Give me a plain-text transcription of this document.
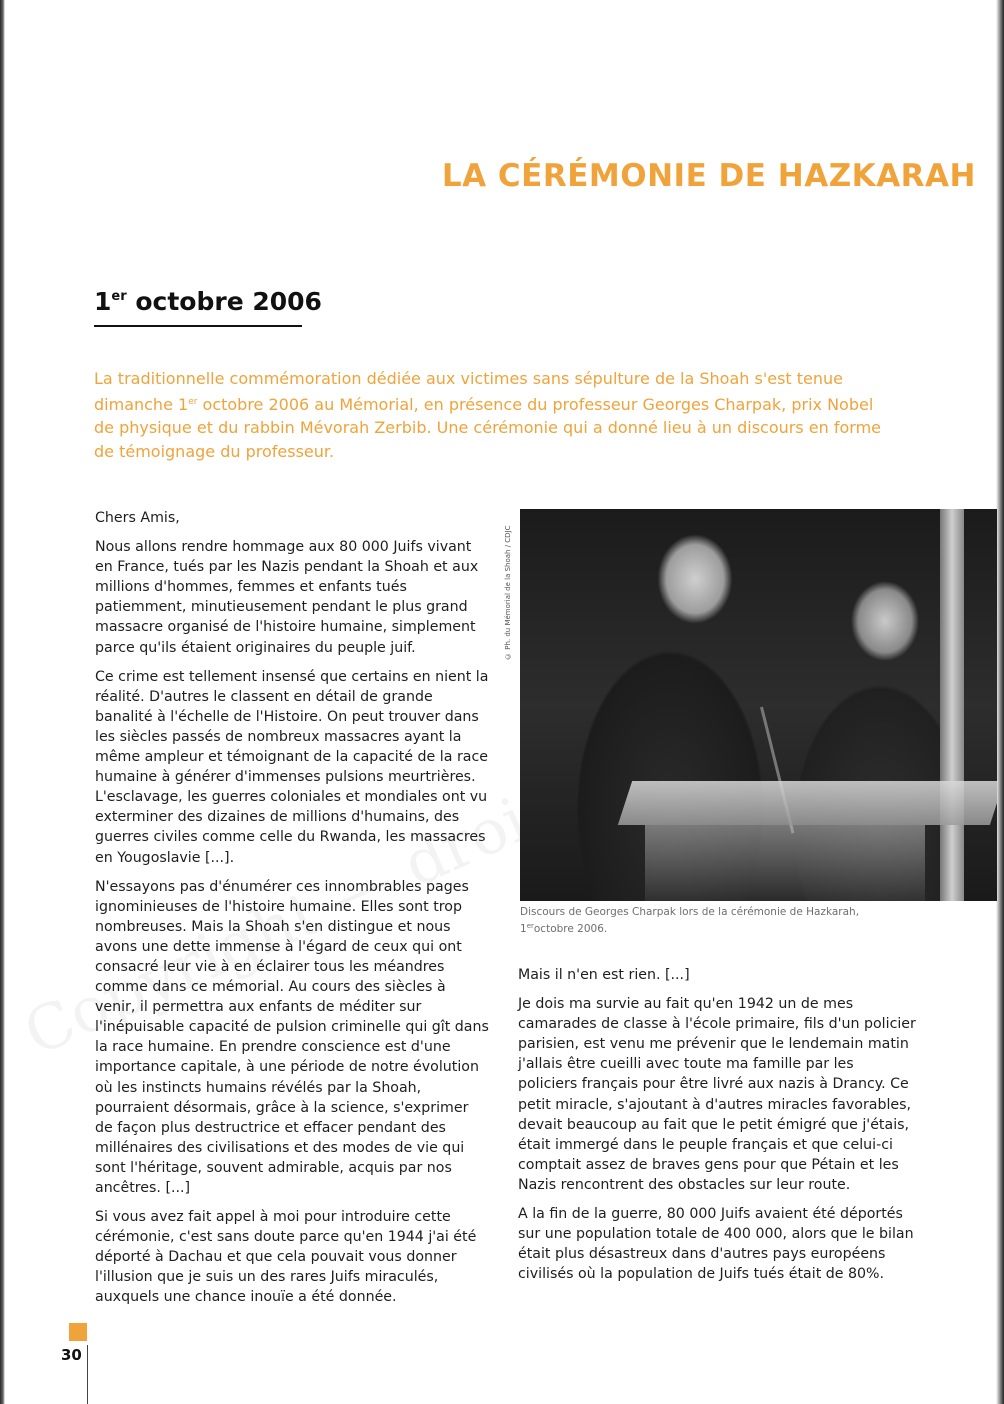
LA CÉRÉMONIE DE HAZKARAH
1er octobre 2006

La traditionnelle commémoration dédiée aux victimes sans sépulture de la Shoah s'est tenue dimanche 1er octobre 2006 au Mémorial, en présence du professeur Georges Charpak, prix Nobel de physique et du rabbin Mévorah Zerbib. Une cérémonie qui a donné lieu à un discours en forme de témoignage du professeur.

Chers Amis,

Nous allons rendre hommage aux 80 000 Juifs vivant en France, tués par les Nazis pendant la Shoah et aux millions d'hommes, femmes et enfants tués patiemment, minutieusement pendant le plus grand massacre organisé de l'histoire humaine, simplement parce qu'ils étaient originaires du peuple juif.

Ce crime est tellement insensé que certains en nient la réalité. D'autres le classent en détail de grande banalité à l'échelle de l'Histoire. On peut trouver dans les siècles passés de nombreux massacres ayant la même ampleur et témoignant de la capacité de la race humaine à générer d'immenses pulsions meurtrières. L'esclavage, les guerres coloniales et mondiales ont vu exterminer des dizaines de millions d'humains, des guerres civiles comme celle du Rwanda, les massacres en Yougoslavie [...].

N'essayons pas d'énumérer ces innombrables pages ignominieuses de l'histoire humaine. Elles sont trop nombreuses. Mais la Shoah s'en distingue et nous avons une dette immense à l'égard de ceux qui ont consacré leur vie à en éclairer tous les méandres comme dans ce mémorial. Au cours des siècles à venir, il permettra aux enfants de méditer sur l'inépuisable capacité de pulsion criminelle qui gît dans la race humaine. En prendre conscience est d'une importance capitale, à une période de notre évolution où les instincts humains révélés par la Shoah, pourraient désormais, grâce à la science, s'exprimer de façon plus destructrice et effacer pendant des millénaires des civilisations et des modes de vie qui sont l'héritage, souvent admirable, acquis par nos ancêtres. [...]

Si vous avez fait appel à moi pour introduire cette cérémonie, c'est sans doute parce qu'en 1944 j'ai été déporté à Dachau et que cela pouvait vous donner l'illusion que je suis un des rares Juifs miraculés, auxquels une chance inouïe a été donnée.

© Ph. du Mémorial de la Shoah / CDJC

Discours de Georges Charpak lors de la cérémonie de Hazkarah,
1eroctobre 2006.

Mais il n'en est rien. [...]

Je dois ma survie au fait qu'en 1942 un de mes camarades de classe à l'école primaire, fils d'un policier parisien, est venu me prévenir que le lendemain matin j'allais être cueilli avec toute ma famille par les policiers français pour être livré aux nazis à Drancy. Ce petit miracle, s'ajoutant à d'autres miracles favorables, devait beaucoup au fait que le petit émigré que j'étais, était immergé dans le peuple français et que celui-ci comptait assez de braves gens pour que Pétain et les Nazis rencontrent des obstacles sur leur route.

A la fin de la guerre, 80 000 Juifs avaient été déportés sur une population totale de 400 000, alors que le bilan était plus désastreux dans d'autres pays européens civilisés où la population de Juifs tués était de 80%.

30
